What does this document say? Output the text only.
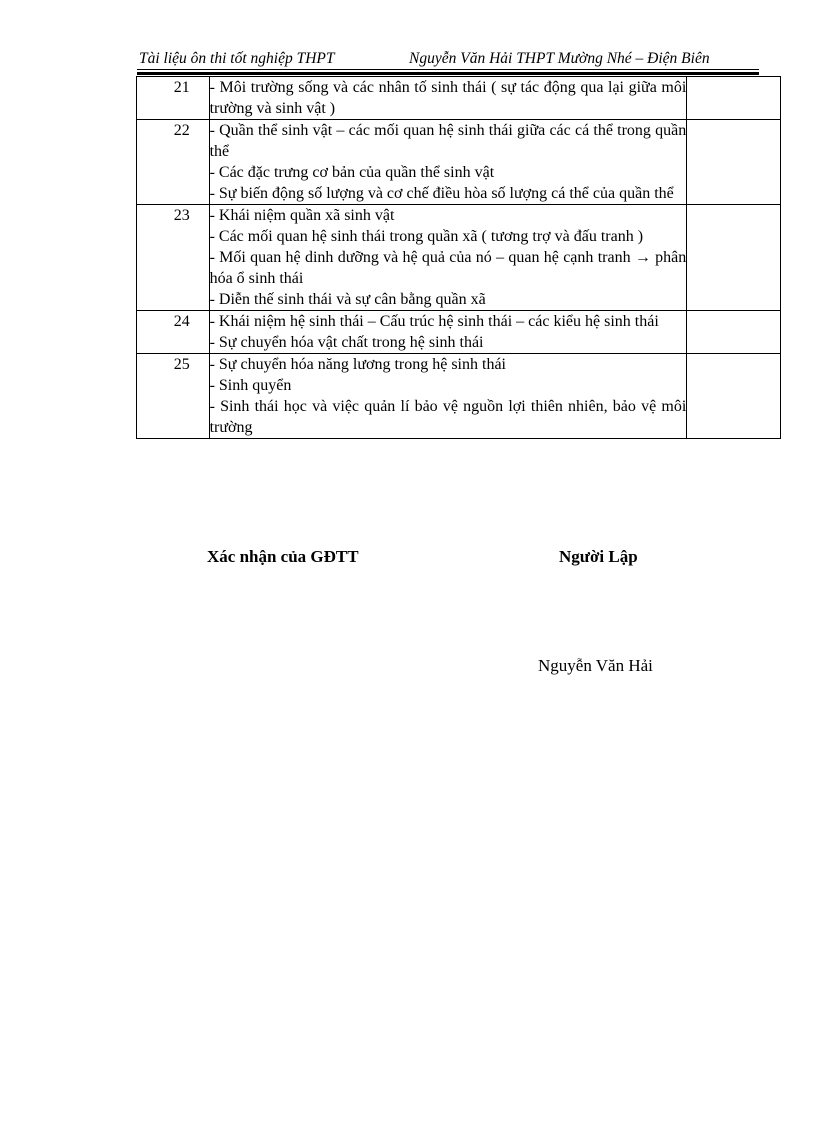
Tài liệu ôn thi tốt nghiệp THPT	Nguyễn Văn Hải THPT Mường Nhé – Điện Biên
21	- Môi trường sống và các nhân tố sinh thái ( sự tác động qua lại giữa môi trường và sinh vật )	

22	- Quần thể sinh vật – các mối quan hệ sinh thái giữa các cá thể trong quần thể
- Các đặc trưng cơ bản của quần thể sinh vật
- Sự biến động số lượng và cơ chế điều hòa số lượng cá thể của quần thể	

23	- Khái niệm quần xã sinh vật
- Các mối quan hệ sinh thái trong quần xã ( tương trợ và đấu tranh )
- Mối quan hệ dinh dưỡng và hệ quả của nó – quan hệ cạnh tranh → phân hóa ổ sinh thái
- Diễn thế sinh thái và sự cân bằng quần xã	

24	- Khái niệm hệ sinh thái – Cấu trúc hệ sinh thái – các kiểu hệ sinh thái
- Sự chuyển hóa vật chất trong hệ sinh thái	

25	- Sự chuyển hóa năng lương trong hệ sinh thái
- Sinh quyển
- Sinh thái học và việc quản lí bảo vệ nguồn lợi thiên nhiên, bảo vệ môi trường	

Xác nhận của GĐTT	Người Lập
Nguyễn Văn Hải
